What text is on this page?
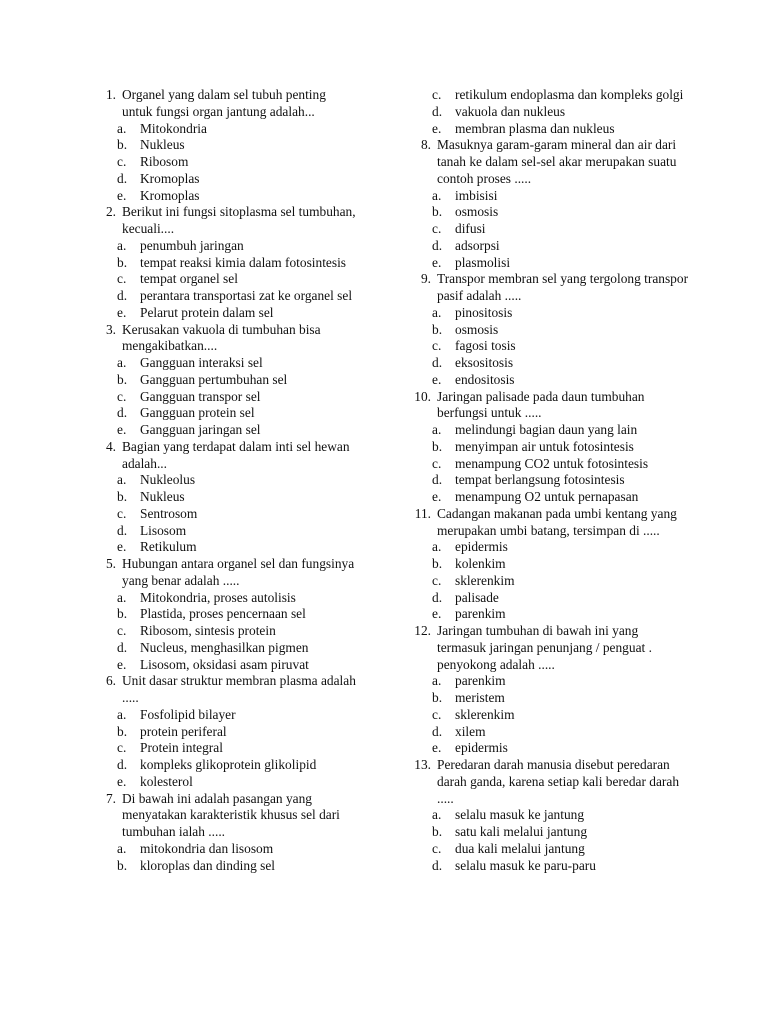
1. Organel yang dalam sel tubuh penting untuk fungsi organ jantung adalah...
a.	Mitokondria
b. Nukleus
c.	Ribosom
d. Kromoplas
e.	Kromoplas
2. Berikut ini fungsi sitoplasma sel tumbuhan, kecuali....
a.	penumbuh jaringan
b. tempat reaksi kimia dalam fotosintesis
c.	tempat organel sel
d. perantara transportasi zat ke organel sel
e.	Pelarut protein dalam sel
3. Kerusakan vakuola di tumbuhan bisa mengakibatkan....
a.	Gangguan interaksi sel
b. Gangguan pertumbuhan sel
c.	Gangguan transpor sel
d. Gangguan protein sel
e.	Gangguan jaringan sel
4. Bagian yang terdapat dalam inti sel hewan adalah...
a.	Nukleolus
b. Nukleus
c.	Sentrosom
d. Lisosom
e.	Retikulum
5. Hubungan antara organel sel dan fungsinya yang benar adalah .....
a.	Mitokondria, proses autolisis
b. Plastida, proses pencernaan sel
c.	Ribosom, sintesis protein
d. Nucleus, menghasilkan pigmen
e.	Lisosom, oksidasi asam piruvat
6. Unit dasar struktur membran plasma adalah .....
a.	Fosfolipid bilayer
b. protein periferal
c.	Protein integral
d. kompleks glikoprotein glikolipid
e.	kolesterol
7. Di bawah ini adalah pasangan yang menyatakan karakteristik khusus sel dari tumbuhan ialah .....
a.	mitokondria dan lisosom
b. kloroplas dan dinding sel
c.	retikulum endoplasma dan kompleks golgi
d. vakuola dan nukleus
e.	membran plasma dan nukleus
8. Masuknya garam-garam mineral dan air dari tanah ke dalam sel-sel akar merupakan suatu contoh proses .....
a.	imbisisi
b. osmosis
c.	difusi
d. adsorpsi
e.	plasmolisi
9. Transpor membran sel yang tergolong transpor pasif adalah .....
a.	pinositosis
b. osmosis
c.	fagosi tosis
d. eksositosis
e.	endositosis
10. Jaringan palisade pada daun tumbuhan berfungsi untuk .....
a.	melindungi bagian daun yang lain
b. menyimpan air untuk fotosintesis
c.	menampung CO2 untuk fotosintesis
d. tempat berlangsung fotosintesis
e.	menampung O2 untuk pernapasan
11. Cadangan makanan pada umbi kentang yang merupakan umbi batang, tersimpan di .....
a.	epidermis
b. kolenkim
c.	sklerenkim
d. palisade
e.	parenkim
12. Jaringan tumbuhan di bawah ini yang termasuk jaringan penunjang / penguat . penyokong adalah .....
a.	parenkim
b. meristem
c.	sklerenkim
d. xilem
e.	epidermis
13. Peredaran darah manusia disebut peredaran darah ganda, karena setiap kali beredar darah .....
a.	selalu masuk ke jantung
b. satu kali melalui jantung
c.	dua kali melalui jantung
d. selalu masuk ke paru-paru
